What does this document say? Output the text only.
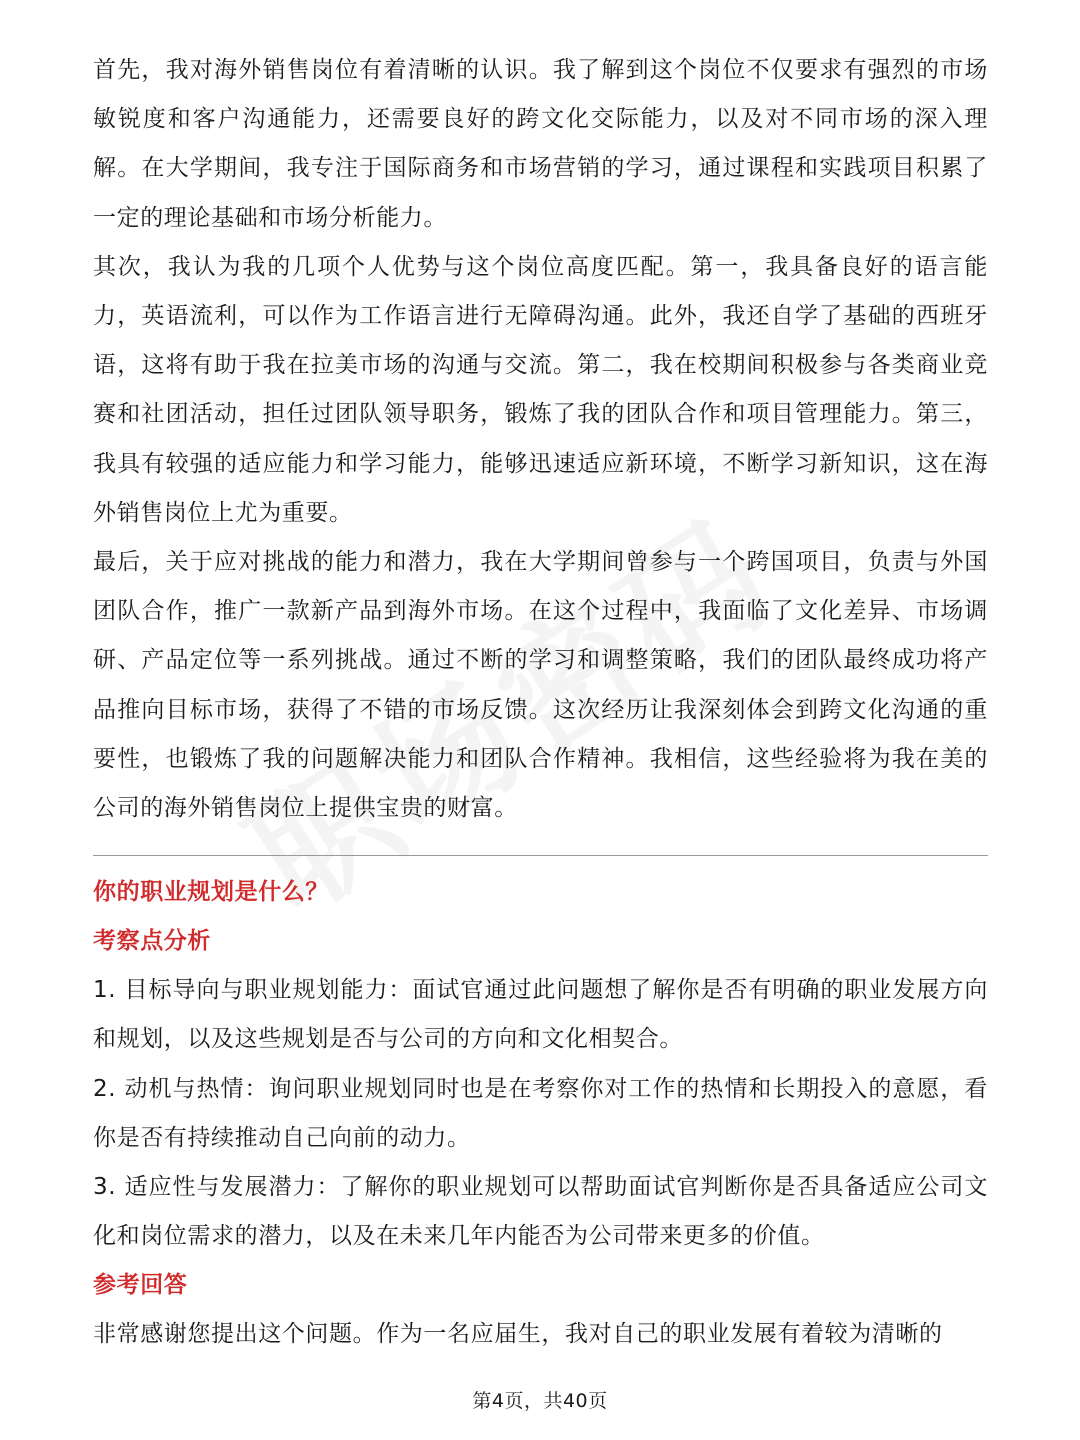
首先，我对海外销售岗位有着清晰的认识。我了解到这个岗位不仅要求有强烈的市场敏锐度和客户沟通能力，还需要良好的跨文化交际能力，以及对不同市场的深入理解。在大学期间，我专注于国际商务和市场营销的学习，通过课程和实践项目积累了一定的理论基础和市场分析能力。

其次，我认为我的几项个人优势与这个岗位高度匹配。第一，我具备良好的语言能力，英语流利，可以作为工作语言进行无障碍沟通。此外，我还自学了基础的西班牙语，这将有助于我在拉美市场的沟通与交流。第二，我在校期间积极参与各类商业竞赛和社团活动，担任过团队领导职务，锻炼了我的团队合作和项目管理能力。第三，我具有较强的适应能力和学习能力，能够迅速适应新环境，不断学习新知识，这在海外销售岗位上尤为重要。

最后，关于应对挑战的能力和潜力，我在大学期间曾参与一个跨国项目，负责与外国团队合作，推广一款新产品到海外市场。在这个过程中，我面临了文化差异、市场调研、产品定位等一系列挑战。通过不断的学习和调整策略，我们的团队最终成功将产品推向目标市场，获得了不错的市场反馈。这次经历让我深刻体会到跨文化沟通的重要性，也锻炼了我的问题解决能力和团队合作精神。我相信，这些经验将为我在美的公司的海外销售岗位上提供宝贵的财富。

你的职业规划是什么？

考察点分析

1. 目标导向与职业规划能力：面试官通过此问题想了解你是否有明确的职业发展方向和规划，以及这些规划是否与公司的方向和文化相契合。

2. 动机与热情：询问职业规划同时也是在考察你对工作的热情和长期投入的意愿，看你是否有持续推动自己向前的动力。

3. 适应性与发展潜力：了解你的职业规划可以帮助面试官判断你是否具备适应公司文化和岗位需求的潜力，以及在未来几年内能否为公司带来更多的价值。

参考回答

非常感谢您提出这个问题。作为一名应届生，我对自己的职业发展有着较为清晰的

第4页，共40页
